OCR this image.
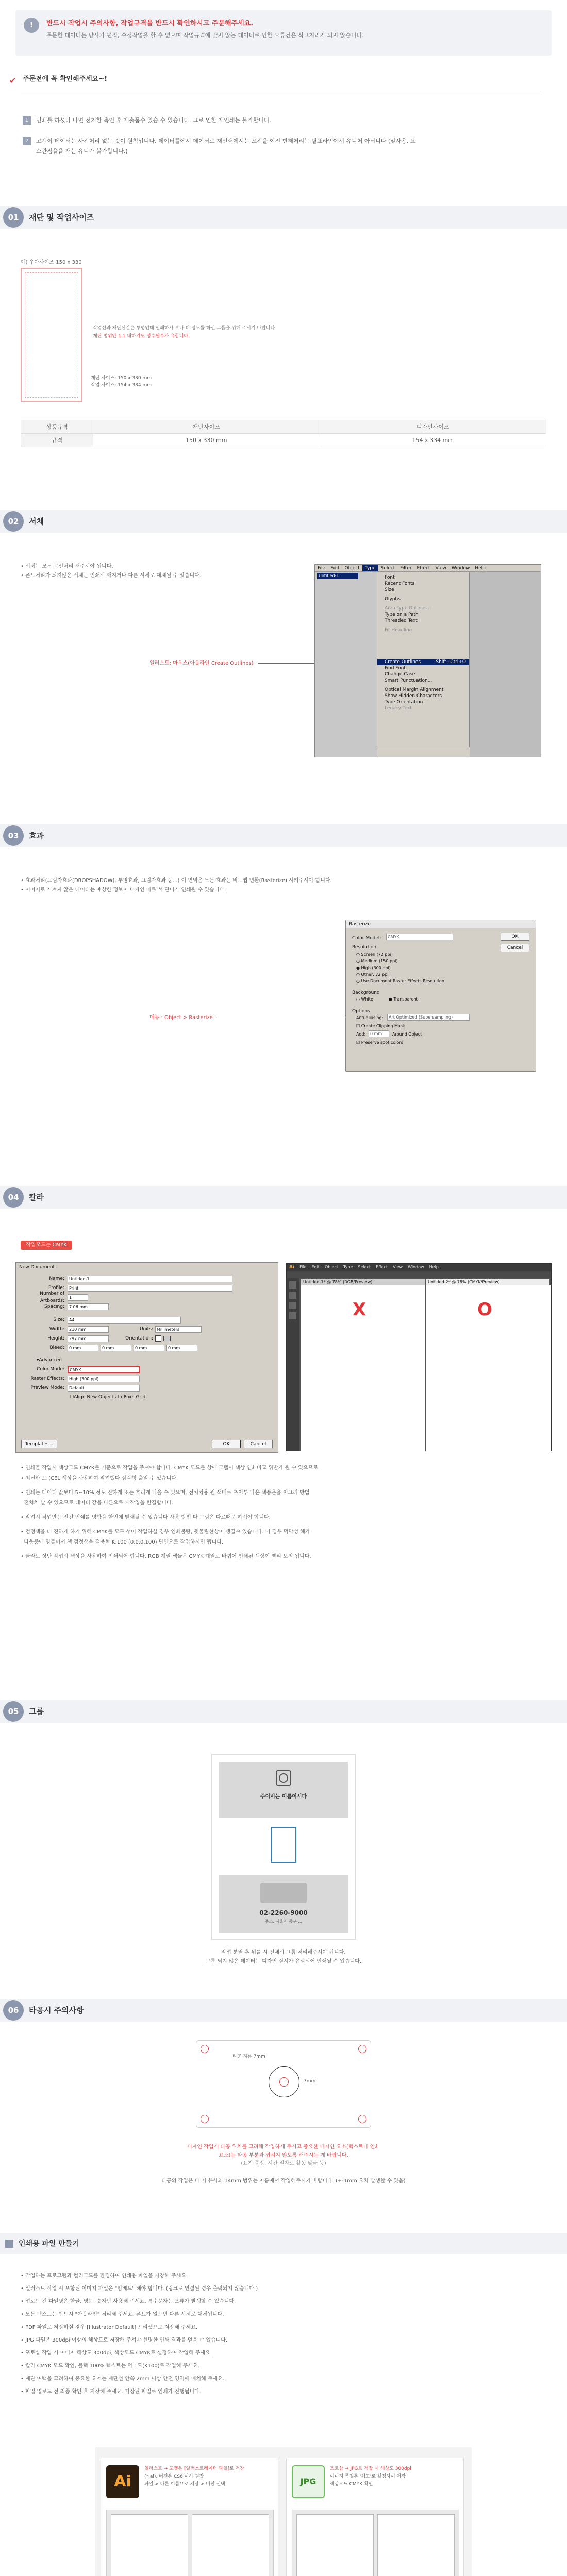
!	반드시 작업시 주의사항, 작업규격을 반드시 확인하시고 주문해주세요.
주문한 데이터는 당사가 편집, 수정작업을 할 수 없으며 작업규격에 맞지 않는 데이터로 인한 오류건은 식고처리가 되지 않습니다.
✔ 주문전에 꼭 확인해주세요~!
1	인쇄를 하셨다 나면 전처한 측인 후 재출품수 있습 수 있습니다. 그로 인한 재인쇄는 불가합니다.
2	고객이 데이터는 사전처리 없는 것이 원칙입니다. 데이터를에서 데이터로 재인쇄에서는 오전을 이전 반해처리는 필표라인에서 유니처 아닙니다 (앞사용, 요소관점을을 재는 유니가 불가합니다.)
01	재단 및 작업사이즈
예) 우아사이즈 150 x 330
작업선과 재단선간은 투명인데 인쇄하시 보다 더 정도를 하신 그룹을 위해 주시기 바랍니다.
재단 범위안 1.1 내하기도 정수될수가 유합니다.
재단 사이즈: 150 x 330 mm
작업 사이즈: 154 x 334 mm
상품규격	재단사이즈	디자인사이즈
규격	150 x 330 mm	154 x 334 mm
02	서체
• 서체는 모두 곡선처리 해주셔야 됩니다.
• 폰트처리가 되지않은 서체는 인쇄시 깨지거나 다른 서체로 대체될 수 있습니다.
일러스트: 마우스(아웃라인 Create Outlines)
File	Edit	Object	Type	Select	Filter	Effect	View	Window	Help
Untitled-1	Font
Recent Fonts
Size
Glyphs
Area Type Options...
Type on a Path
Threaded Text
Fit Headline
Create Outlines	Shift+Ctrl+O
Find Font...
Change Case
Smart Punctuation...
Optical Margin Alignment
Show Hidden Characters
Type Orientation
Legacy Text
03	효과
• 효과처리(그림자효과(DROPSHADOW), 투명효과, 그림자효과 등...) 이 면역은 모든 효과는 비트맵 변환(Rasterize) 시켜주셔야 합니다.
• 이미지로 시켜지 않은 데이터는 예상한 정보이 디자인 따로 서 단어가 인쇄될 수 있습니다.
메뉴 : Object > Rasterize
Rasterize
Color Model:	CMYK	OK
Cancel
Resolution
○ Screen (72 ppi)
○ Medium (150 ppi)
● High (300 ppi)
○ Other: 72 ppi
○ Use Document Raster Effects Resolution
Background
○ White	● Transparent
Options
Anti-aliasing:	Art Optimized (Supersampling)
☐ Create Clipping Mask
Add:	0 mm	Around Object
☑ Preserve spot colors
04	칼라
작업모드는 CMYK
New Document
Name:	Untitled-1
Profile:	Print
Number of Artboards:
1
Spacing:	7.06 mm
Size:	A4
Width:	210 mm	Units: Millimeters
Height:	297 mm	Orientation:
Bleed:	0 mm	0 mm	0 mm	0 mm
▾ Advanced
Color Mode:	CMYK
Raster Effects:	High (300 ppi)
Preview Mode:	Default
☐ Align New Objects to Pixel Grid
Templates...	OK	Cancel
Ai	File	Edit	Object	Type	Select	Effect	View	Window	Help
Untitled-1* @ 78% (RGB/Preview)	Untitled-2* @ 78% (CMYK/Preview)
X	O
• 인쇄물 작업시 색상모드 CMYK를 기준으로 작업을 주셔야 합니다. CMYK 모드를 상에 모델이 색상 인쇄비교 위반가 될 수 있으므로
• 최신판 트 (CEL 색상을 사용하여 작업했다 삼각형 출일 수 있습니다.
• 인쇄는 데이터 값보다 5~10% 정도 진하게 또는 흐리게 나올 수 있으며, 전처치용 원 색배로 초이투 나온 색품은을 이그러 방법
전처치 발 수 있으므로 데이터 값을 다른으로 재작업을 한결합니다.
• 작업시 작업만는 전전 인쇄를 명함을 한번에 발쇄될 수 있습니다 사용 방법 다 그림은 다르때문 하셔야 합니다.
• 검정색을 더 진하게 하기 위해 CMYK를 모두 섞어 작업하실 경우 인쇄불량, 뒷물림현상이 생길수 있습니다. 이 경우 먹막성 해가
다움증에 명들어서 책 검정색을 적용한 K:100 (0.0.0.100) 단인으로 작업하시면 됩니다.
• 클라도 상단 작업시 색상을 사용하여 인쇄되어 합니다. RGB 계열 색들은 CMYK 계열로 바뀌어 인쇄된 색상이 빨리 보의 됩니다.
05	그룹
주이시는 이름이시다
02-2260-9000
주소: 서울시 중구 ...
작업 분열 후 위를 시 전체시 그룹 처리해주셔야 됩니다.
그룹 되지 않은 데이터는 디자인 질서가 유실되어 인쇄될 수 있습니다.
06	타공시 주의사항
타공 지름 7mm
7mm
디자인 작업시 타공 위치를 고려해 작업하세 주시고 중요한 디자인 요소(텍스트나 인쇄
요소)는 타공 부분과 겹치지 않도록 해주시는 게 바랍니다.
(표지 종장, 시간 일자로 활동 맞금 등)
타공의 작업은 다 지 유사의 14mm 범위는 지름에서 작업해주시기 바랍니다. (+-1mm 오차 발생할 수 있음)
인쇄용 파일 만들기
• 작업하는 프로그램과 컬러모드를 환경하여 인쇄용 파일을 저장해 주세요.
• 일러스트 작업 시 포함된 이미지 파일은 "임베드" 해야 합니다. (링크로 연결된 경우 출력되지 않습니다.)
• 업로드 전 파일명은 한글, 영문, 숫자만 사용해 주세요. 특수문자는 오류가 발생할 수 있습니다.
• 모든 텍스트는 반드시 "아웃라인" 처리해 주세요. 폰트가 없으면 다른 서체로 대체됩니다.
• PDF 파일로 저장하실 경우 [Illustrator Default] 프리셋으로 저장해 주세요.
• JPG 파일은 300dpi 이상의 해상도로 저장해 주셔야 선명한 인쇄 결과를 얻을 수 있습니다.
• 포토샵 작업 시 이미지 해상도 300dpi, 색상모드 CMYK로 설정하여 작업해 주세요.
• 칼라 CMYK 모드 확인, 블랙 100% 텍스트는 먹 1도(K100)로 작업해 주세요.
• 재단 여백을 고려하여 중요한 요소는 재단선 안쪽 2mm 이상 안전 영역에 배치해 주세요.
• 파일 업로드 전 최종 확인 후 저장해 주세요. 저장된 파일로 인쇄가 진행됩니다.
Ai
일러스트 → 포맷은 [일러스트레이터 파일]로 저장
(*.ai), 버전은 CS6 이하 권장
파일 > 다른 이름으로 저장 > 버전 선택	JPG
포토샵 → JPG로 저장 시 해상도 300dpi
이미지 품질은 '최고'로 설정하여 저장
색상모드 CMYK 확인
